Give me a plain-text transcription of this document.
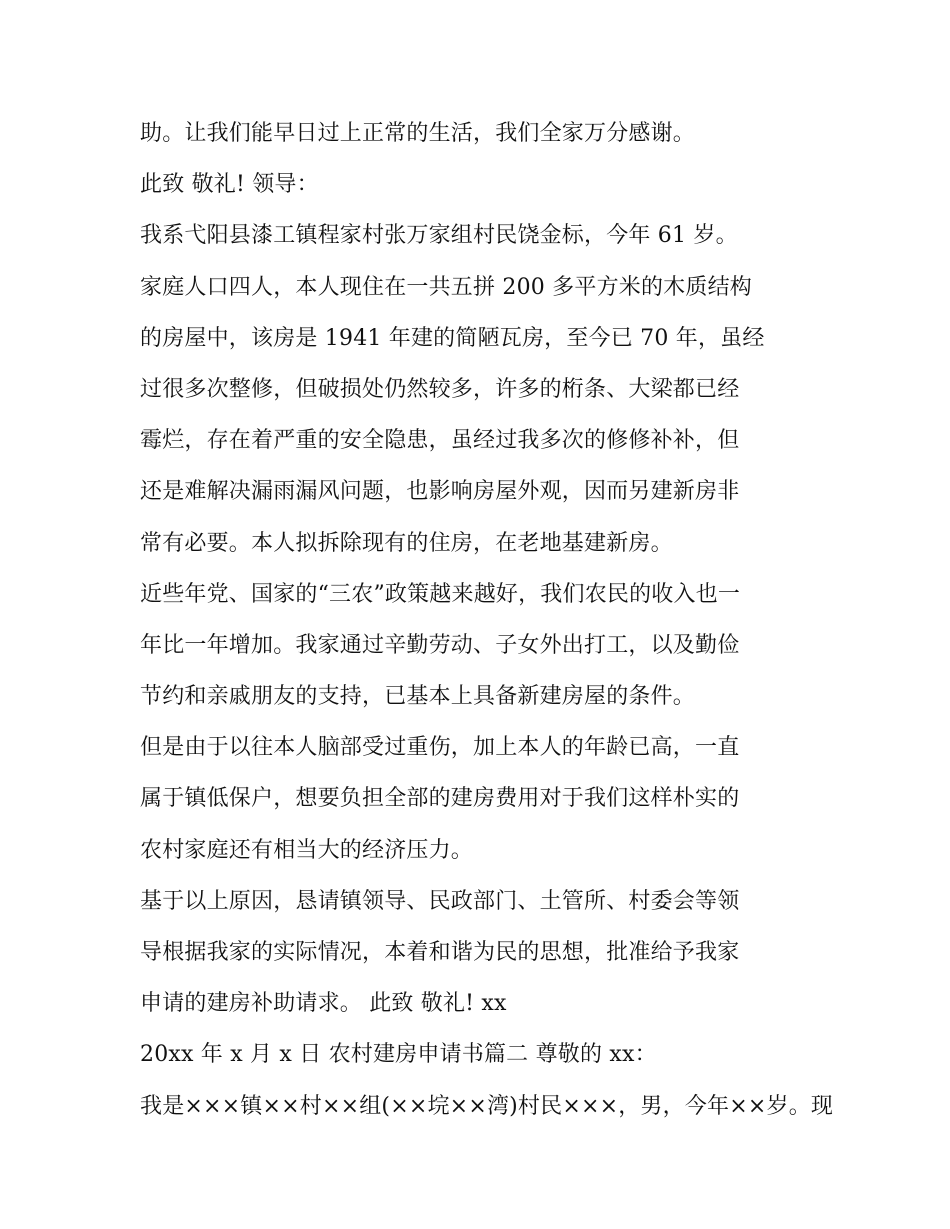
助。让我们能早日过上正常的生活，我们全家万分感谢。
此致 敬礼! 领导：
我系弋阳县漆工镇程家村张万家组村民饶金标，今年 61 岁。
家庭人口四人，本人现住在一共五拼 200 多平方米的木质结构
的房屋中，该房是 1941 年建的简陋瓦房，至今已 70 年，虽经
过很多次整修，但破损处仍然较多，许多的桁条、大梁都已经
霉烂，存在着严重的安全隐患，虽经过我多次的修修补补，但
还是难解决漏雨漏风问题，也影响房屋外观，因而另建新房非
常有必要。本人拟拆除现有的住房，在老地基建新房。
近些年党、国家的“三农”政策越来越好，我们农民的收入也一
年比一年增加。我家通过辛勤劳动、子女外出打工，以及勤俭
节约和亲戚朋友的支持，已基本上具备新建房屋的条件。
但是由于以往本人脑部受过重伤，加上本人的年龄已高，一直
属于镇低保户，想要负担全部的建房费用对于我们这样朴实的
农村家庭还有相当大的经济压力。
基于以上原因，恳请镇领导、民政部门、土管所、村委会等领
导根据我家的实际情况，本着和谐为民的思想，批准给予我家
申请的建房补助请求。 此致 敬礼! xx
20xx 年 x 月 x 日 农村建房申请书篇二 尊敬的 xx：
我是×××镇××村××组(××垸××湾)村民×××，男，今年××岁。现
